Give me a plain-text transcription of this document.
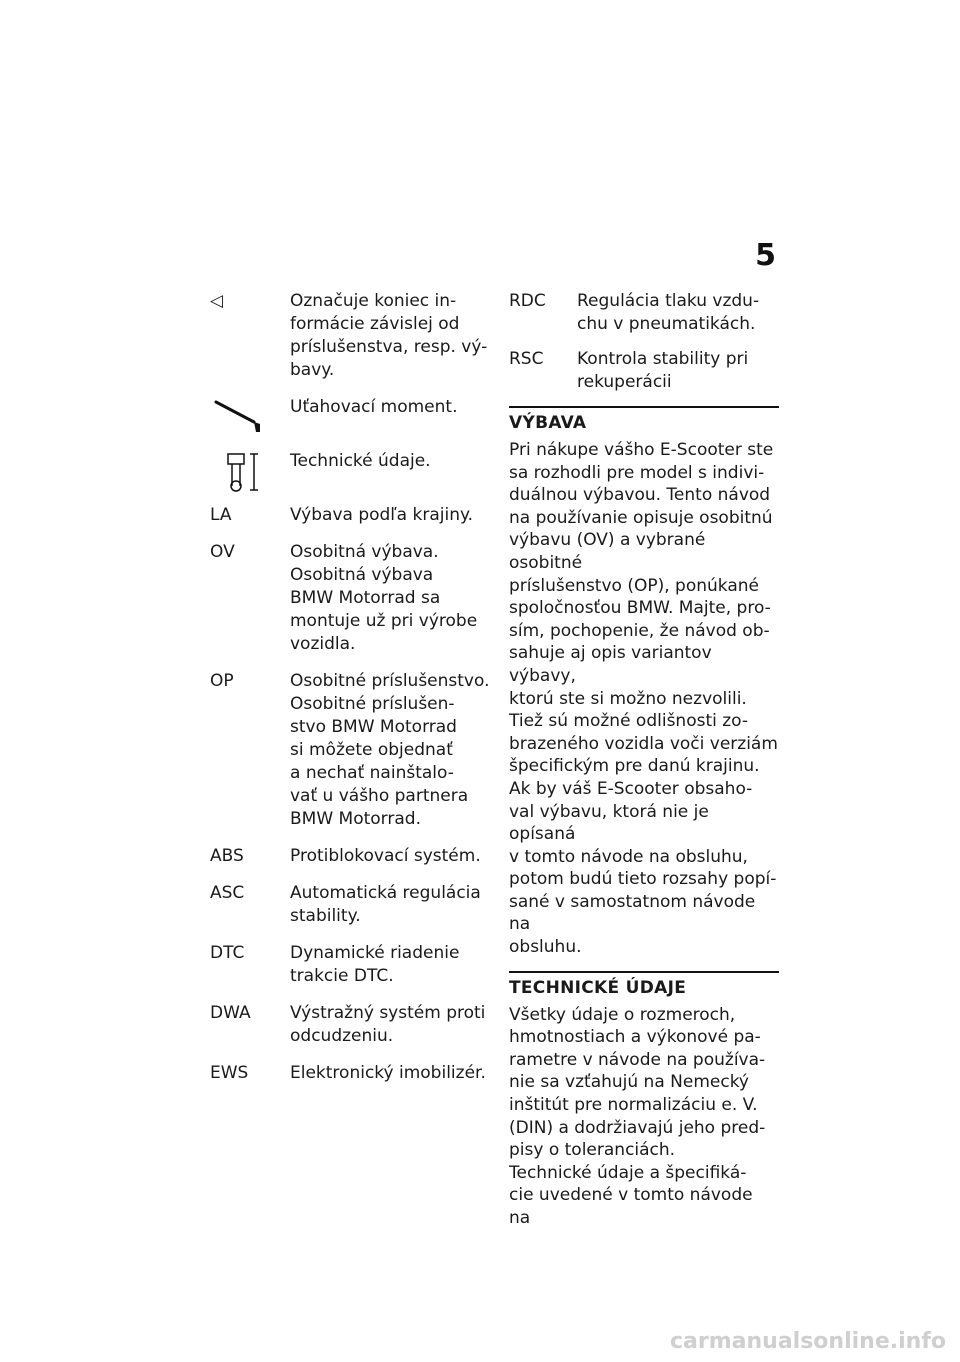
5
◁	Označuje koniec in-
formácie závislej od
príslušenstva, resp. vý-
bavy.
Uťahovací moment.
Technické údaje.
LA	Výbava podľa krajiny.
OV	Osobitná výbava.
Osobitná výbava
BMW Motorrad sa
montuje už pri výrobe
vozidla.
OP	Osobitné príslušenstvo.
Osobitné príslušen-
stvo BMW Motorrad
si môžete objednať
a nechať nainštalo-
vať u vášho partnera
BMW Motorrad.
ABS	Protiblokovací systém.
ASC	Automatická regulácia
stability.
DTC	Dynamické riadenie
trakcie DTC.
DWA	Výstražný systém proti
odcudzeniu.
EWS	Elektronický imobilizér.
RDC	Regulácia tlaku vzdu-
chu v pneumatikách.
RSC	Kontrola stability pri
rekuperácii
VÝBAVA
Pri nákupe vášho E-Scooter ste
sa rozhodli pre model s indivi-
duálnou výbavou. Tento návod
na používanie opisuje osobitnú
výbavu (OV) a vybrané osobitné
príslušenstvo (OP), ponúkané
spoločnosťou BMW. Majte, pro-
sím, pochopenie, že návod ob-
sahuje aj opis variantov výbavy,
ktorú ste si možno nezvolili.
Tiež sú možné odlišnosti zo-
brazeného vozidla voči verziám
špecifickým pre danú krajinu.
Ak by váš E-Scooter obsaho-
val výbavu, ktorá nie je opísaná
v tomto návode na obsluhu,
potom budú tieto rozsahy popí-
sané v samostatnom návode na
obsluhu.
TECHNICKÉ ÚDAJE
Všetky údaje o rozmeroch,
hmotnostiach a výkonové pa-
rametre v návode na používa-
nie sa vzťahujú na Nemecký
inštitút pre normalizáciu e. V.
(DIN) a dodržiavajú jeho pred-
pisy o toleranciách.
Technické údaje a špecifiká-
cie uvedené v tomto návode na
carmanualsonline.info
